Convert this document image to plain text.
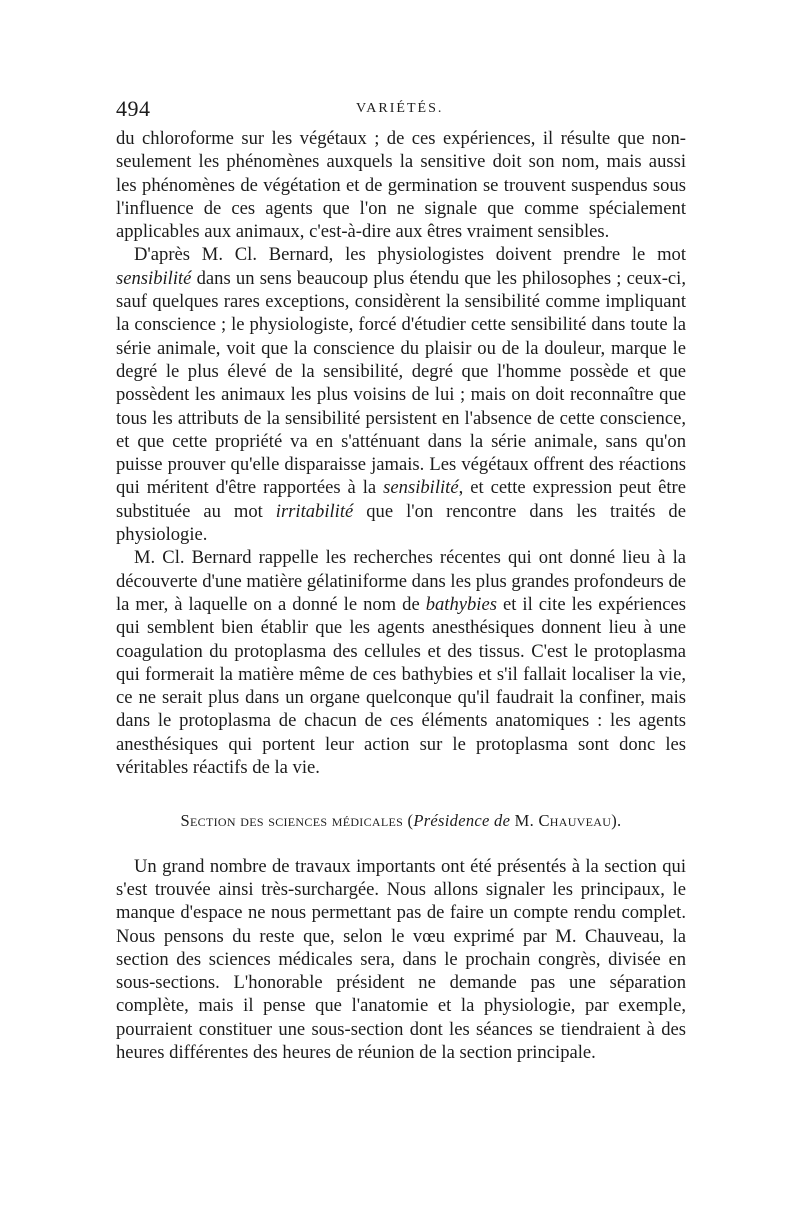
494	VARIÉTÉS.

du chloroforme sur les végétaux ; de ces expériences, il résulte que non-seulement les phénomènes auxquels la sensitive doit son nom, mais aussi les phénomènes de végétation et de germination se trouvent suspendus sous l'influence de ces agents que l'on ne signale que comme spécialement applicables aux animaux, c'est-à-dire aux êtres vraiment sensibles.

D'après M. Cl. Bernard, les physiologistes doivent prendre le mot sensibilité dans un sens beaucoup plus étendu que les philosophes ; ceux-ci, sauf quelques rares exceptions, considèrent la sensibilité comme impliquant la conscience ; le physiologiste, forcé d'étudier cette sensibilité dans toute la série animale, voit que la conscience du plaisir ou de la douleur, marque le degré le plus élevé de la sensibilité, degré que l'homme possède et que possèdent les animaux les plus voisins de lui ; mais on doit reconnaître que tous les attributs de la sensibilité persistent en l'absence de cette conscience, et que cette propriété va en s'atténuant dans la série animale, sans qu'on puisse prouver qu'elle disparaisse jamais. Les végétaux offrent des réactions qui méritent d'être rapportées à la sensibilité, et cette expression peut être substituée au mot irritabilité que l'on rencontre dans les traités de physiologie.

M. Cl. Bernard rappelle les recherches récentes qui ont donné lieu à la découverte d'une matière gélatiniforme dans les plus grandes profondeurs de la mer, à laquelle on a donné le nom de bathybies et il cite les expériences qui semblent bien établir que les agents anesthésiques donnent lieu à une coagulation du protoplasma des cellules et des tissus. C'est le protoplasma qui formerait la matière même de ces bathybies et s'il fallait localiser la vie, ce ne serait plus dans un organe quelconque qu'il faudrait la confiner, mais dans le protoplasma de chacun de ces éléments anatomiques : les agents anesthésiques qui portent leur action sur le protoplasma sont donc les véritables réactifs de la vie.

Section des sciences médicales (Présidence de M. Chauveau).

Un grand nombre de travaux importants ont été présentés à la section qui s'est trouvée ainsi très-surchargée. Nous allons signaler les principaux, le manque d'espace ne nous permettant pas de faire un compte rendu complet. Nous pensons du reste que, selon le vœu exprimé par M. Chauveau, la section des sciences médicales sera, dans le prochain congrès, divisée en sous-sections. L'honorable président ne demande pas une séparation complète, mais il pense que l'anatomie et la physiologie, par exemple, pourraient constituer une sous-section dont les séances se tiendraient à des heures différentes des heures de réunion de la section principale.
